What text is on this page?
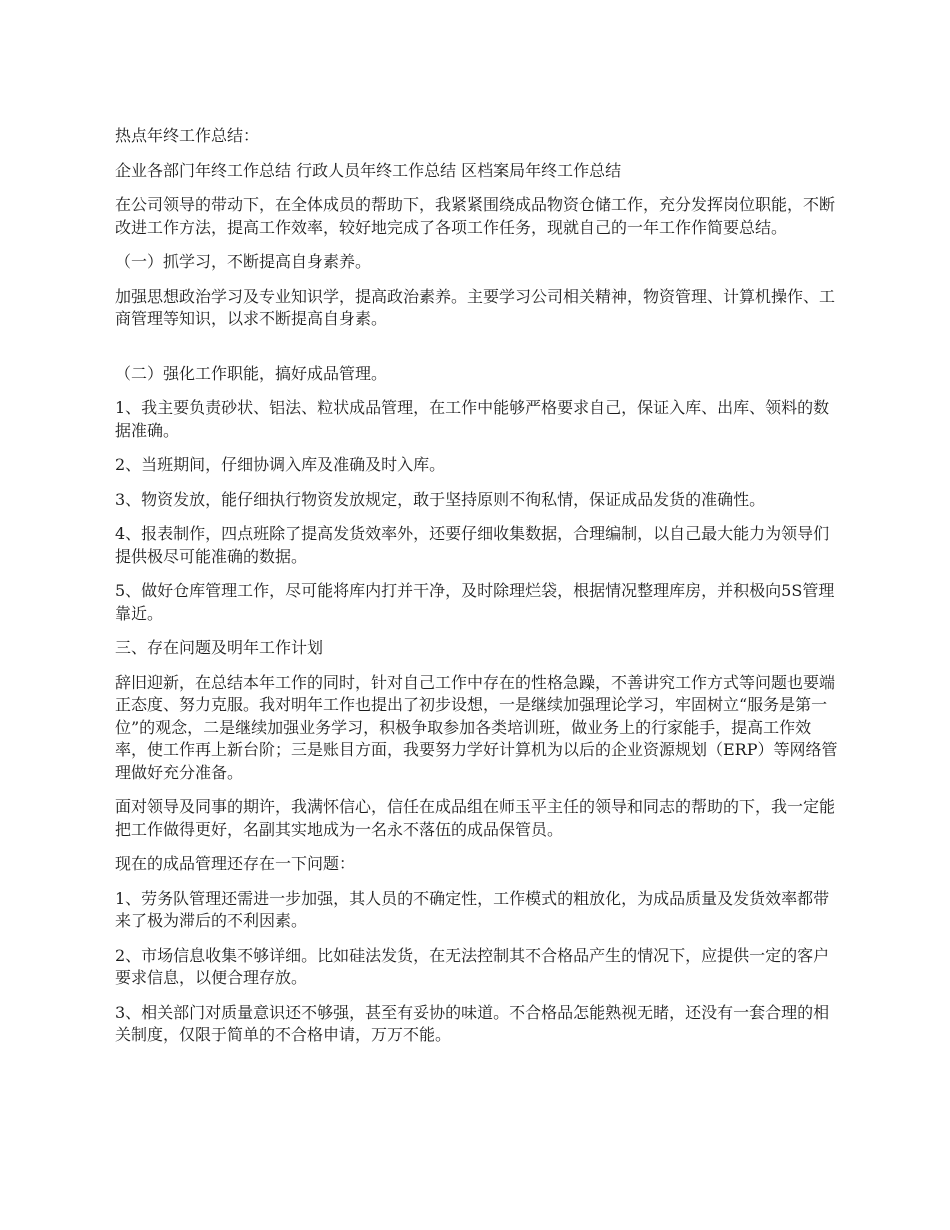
热点年终工作总结：

企业各部门年终工作总结 行政人员年终工作总结 区档案局年终工作总结

在公司领导的带动下，在全体成员的帮助下，我紧紧围绕成品物资仓储工作，充分发挥岗位职能，不断改进工作方法，提高工作效率，较好地完成了各项工作任务，现就自己的一年工作作简要总结。

（一）抓学习，不断提高自身素养。

加强思想政治学习及专业知识学，提高政治素养。主要学习公司相关精神，物资管理、计算机操作、工商管理等知识，以求不断提高自身素。

（二）强化工作职能，搞好成品管理。

1、我主要负责砂状、铝法、粒状成品管理，在工作中能够严格要求自己，保证入库、出库、领料的数据准确。

2、当班期间，仔细协调入库及准确及时入库。

3、物资发放，能仔细执行物资发放规定，敢于坚持原则不徇私情，保证成品发货的准确性。

4、报表制作，四点班除了提高发货效率外，还要仔细收集数据，合理编制，以自己最大能力为领导们提供极尽可能准确的数据。

5、做好仓库管理工作，尽可能将库内打并干净，及时除理烂袋，根据情况整理库房，并积极向5S管理靠近。

三、存在问题及明年工作计划

辞旧迎新，在总结本年工作的同时，针对自己工作中存在的性格急躁，不善讲究工作方式等问题也要端正态度、努力克服。我对明年工作也提出了初步设想，一是继续加强理论学习，牢固树立“服务是第一位”的观念，二是继续加强业务学习，积极争取参加各类培训班，做业务上的行家能手，提高工作效率，使工作再上新台阶；三是账目方面，我要努力学好计算机为以后的企业资源规划（ERP）等网络管理做好充分准备。

面对领导及同事的期许，我满怀信心，信任在成品组在师玉平主任的领导和同志的帮助的下，我一定能把工作做得更好，名副其实地成为一名永不落伍的成品保管员。

现在的成品管理还存在一下问题：

1、劳务队管理还需进一步加强，其人员的不确定性，工作模式的粗放化，为成品质量及发货效率都带来了极为滞后的不利因素。

2、市场信息收集不够详细。比如硅法发货，在无法控制其不合格品产生的情况下，应提供一定的客户要求信息，以便合理存放。

3、相关部门对质量意识还不够强，甚至有妥协的味道。不合格品怎能熟视无睹，还没有一套合理的相关制度，仅限于简单的不合格申请，万万不能。
